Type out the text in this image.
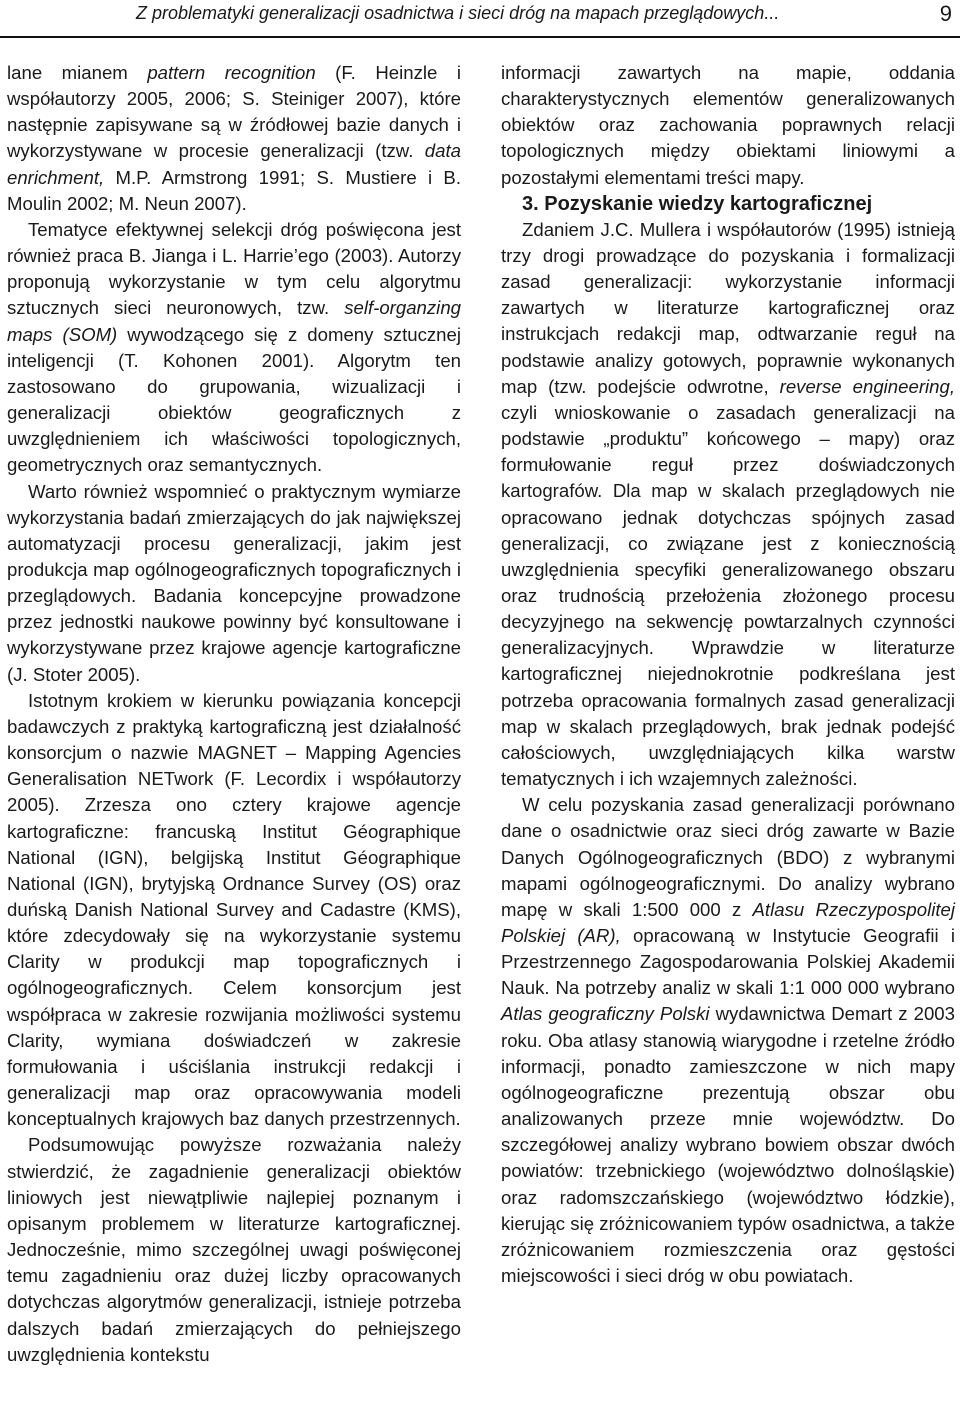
Z problematyki generalizacji osadnictwa i sieci dróg na mapach przeglądowych...	9

lane mianem pattern recognition (F. Heinzle i współautorzy 2005, 2006; S. Steiniger 2007), które następnie zapisywane są w źródłowej bazie danych i wykorzystywane w procesie generalizacji (tzw. data enrichment, M.P. Armstrong 1991; S. Mustiere i B. Moulin 2002; M. Neun 2007).

Tematyce efektywnej selekcji dróg poświęcona jest również praca B. Jianga i L. Harrie’ego (2003). Autorzy proponują wykorzystanie w tym celu algorytmu sztucznych sieci neuronowych, tzw. self-organzing maps (SOM) wywodzącego się z domeny sztucznej inteligencji (T. Kohonen 2001). Algorytm ten zastosowano do grupowania, wizualizacji i generalizacji obiektów geograficznych z uwzględnieniem ich właściwości topologicznych, geometrycznych oraz semantycznych.

Warto również wspomnieć o praktycznym wymiarze wykorzystania badań zmierzających do jak największej automatyzacji procesu generalizacji, jakim jest produkcja map ogólnogeograficznych topograficznych i przeglądowych. Badania koncepcyjne prowadzone przez jednostki naukowe powinny być konsultowane i wykorzystywane przez krajowe agencje kartograficzne (J. Stoter 2005).

Istotnym krokiem w kierunku powiązania koncepcji badawczych z praktyką kartograficzną jest działalność konsorcjum o nazwie MAGNET – Mapping Agencies Generalisation NETwork (F. Lecordix i współautorzy 2005). Zrzesza ono cztery krajowe agencje kartograficzne: francuską Institut Géographique National (IGN), belgijską Institut Géographique National (IGN), brytyjską Ordnance Survey (OS) oraz duńską Danish National Survey and Cadastre (KMS), które zdecydowały się na wykorzystanie systemu Clarity w produkcji map topograficznych i ogólnogeograficznych. Celem konsorcjum jest współpraca w zakresie rozwijania możliwości systemu Clarity, wymiana doświadczeń w zakresie formułowania i uściślania instrukcji redakcji i generalizacji map oraz opracowywania modeli konceptualnych krajowych baz danych przestrzennych.

Podsumowując powyższe rozważania należy stwierdzić, że zagadnienie generalizacji obiektów liniowych jest niewątpliwie najlepiej poznanym i opisanym problemem w literaturze kartograficznej. Jednocześnie, mimo szczególnej uwagi poświęconej temu zagadnieniu oraz dużej liczby opracowanych dotychczas algorytmów generalizacji, istnieje potrzeba dalszych badań zmierzających do pełniejszego uwzględnienia kontekstu

informacji zawartych na mapie, oddania charakterystycznych elementów generalizowanych obiektów oraz zachowania poprawnych relacji topologicznych między obiektami liniowymi a pozostałymi elementami treści mapy.

3. Pozyskanie wiedzy kartograficznej

Zdaniem J.C. Mullera i współautorów (1995) istnieją trzy drogi prowadzące do pozyskania i formalizacji zasad generalizacji: wykorzystanie informacji zawartych w literaturze kartograficznej oraz instrukcjach redakcji map, odtwarzanie reguł na podstawie analizy gotowych, poprawnie wykonanych map (tzw. podejście odwrotne, reverse engineering, czyli wnioskowanie o zasadach generalizacji na podstawie „produktu” końcowego – mapy) oraz formułowanie reguł przez doświadczonych kartografów. Dla map w skalach przeglądowych nie opracowano jednak dotychczas spójnych zasad generalizacji, co związane jest z koniecznością uwzględnienia specyfiki generalizowanego obszaru oraz trudnością przełożenia złożonego procesu decyzyjnego na sekwencję powtarzalnych czynności generalizacyjnych. Wprawdzie w literaturze kartograficznej niejednokrotnie podkreślana jest potrzeba opracowania formalnych zasad generalizacji map w skalach przeglądowych, brak jednak podejść całościowych, uwzględniających kilka warstw tematycznych i ich wzajemnych zależności.

W celu pozyskania zasad generalizacji porównano dane o osadnictwie oraz sieci dróg zawarte w Bazie Danych Ogólnogeograficznych (BDO) z wybranymi mapami ogólnogeograficznymi. Do analizy wybrano mapę w skali 1:500 000 z Atlasu Rzeczypospolitej Polskiej (AR), opracowaną w Instytucie Geografii i Przestrzennego Zagospodarowania Polskiej Akademii Nauk. Na potrzeby analiz w skali 1:1 000 000 wybrano Atlas geograficzny Polski wydawnictwa Demart z 2003 roku. Oba atlasy stanowią wiarygodne i rzetelne źródło informacji, ponadto zamieszczone w nich mapy ogólnogeograficzne prezentują obszar obu analizowanych przeze mnie województw. Do szczegółowej analizy wybrano bowiem obszar dwóch powiatów: trzebnickiego (województwo dolnośląskie) oraz radomszczańskiego (województwo łódzkie), kierując się zróżnicowaniem typów osadnictwa, a także zróżnicowaniem rozmieszczenia oraz gęstości miejscowości i sieci dróg w obu powiatach.
